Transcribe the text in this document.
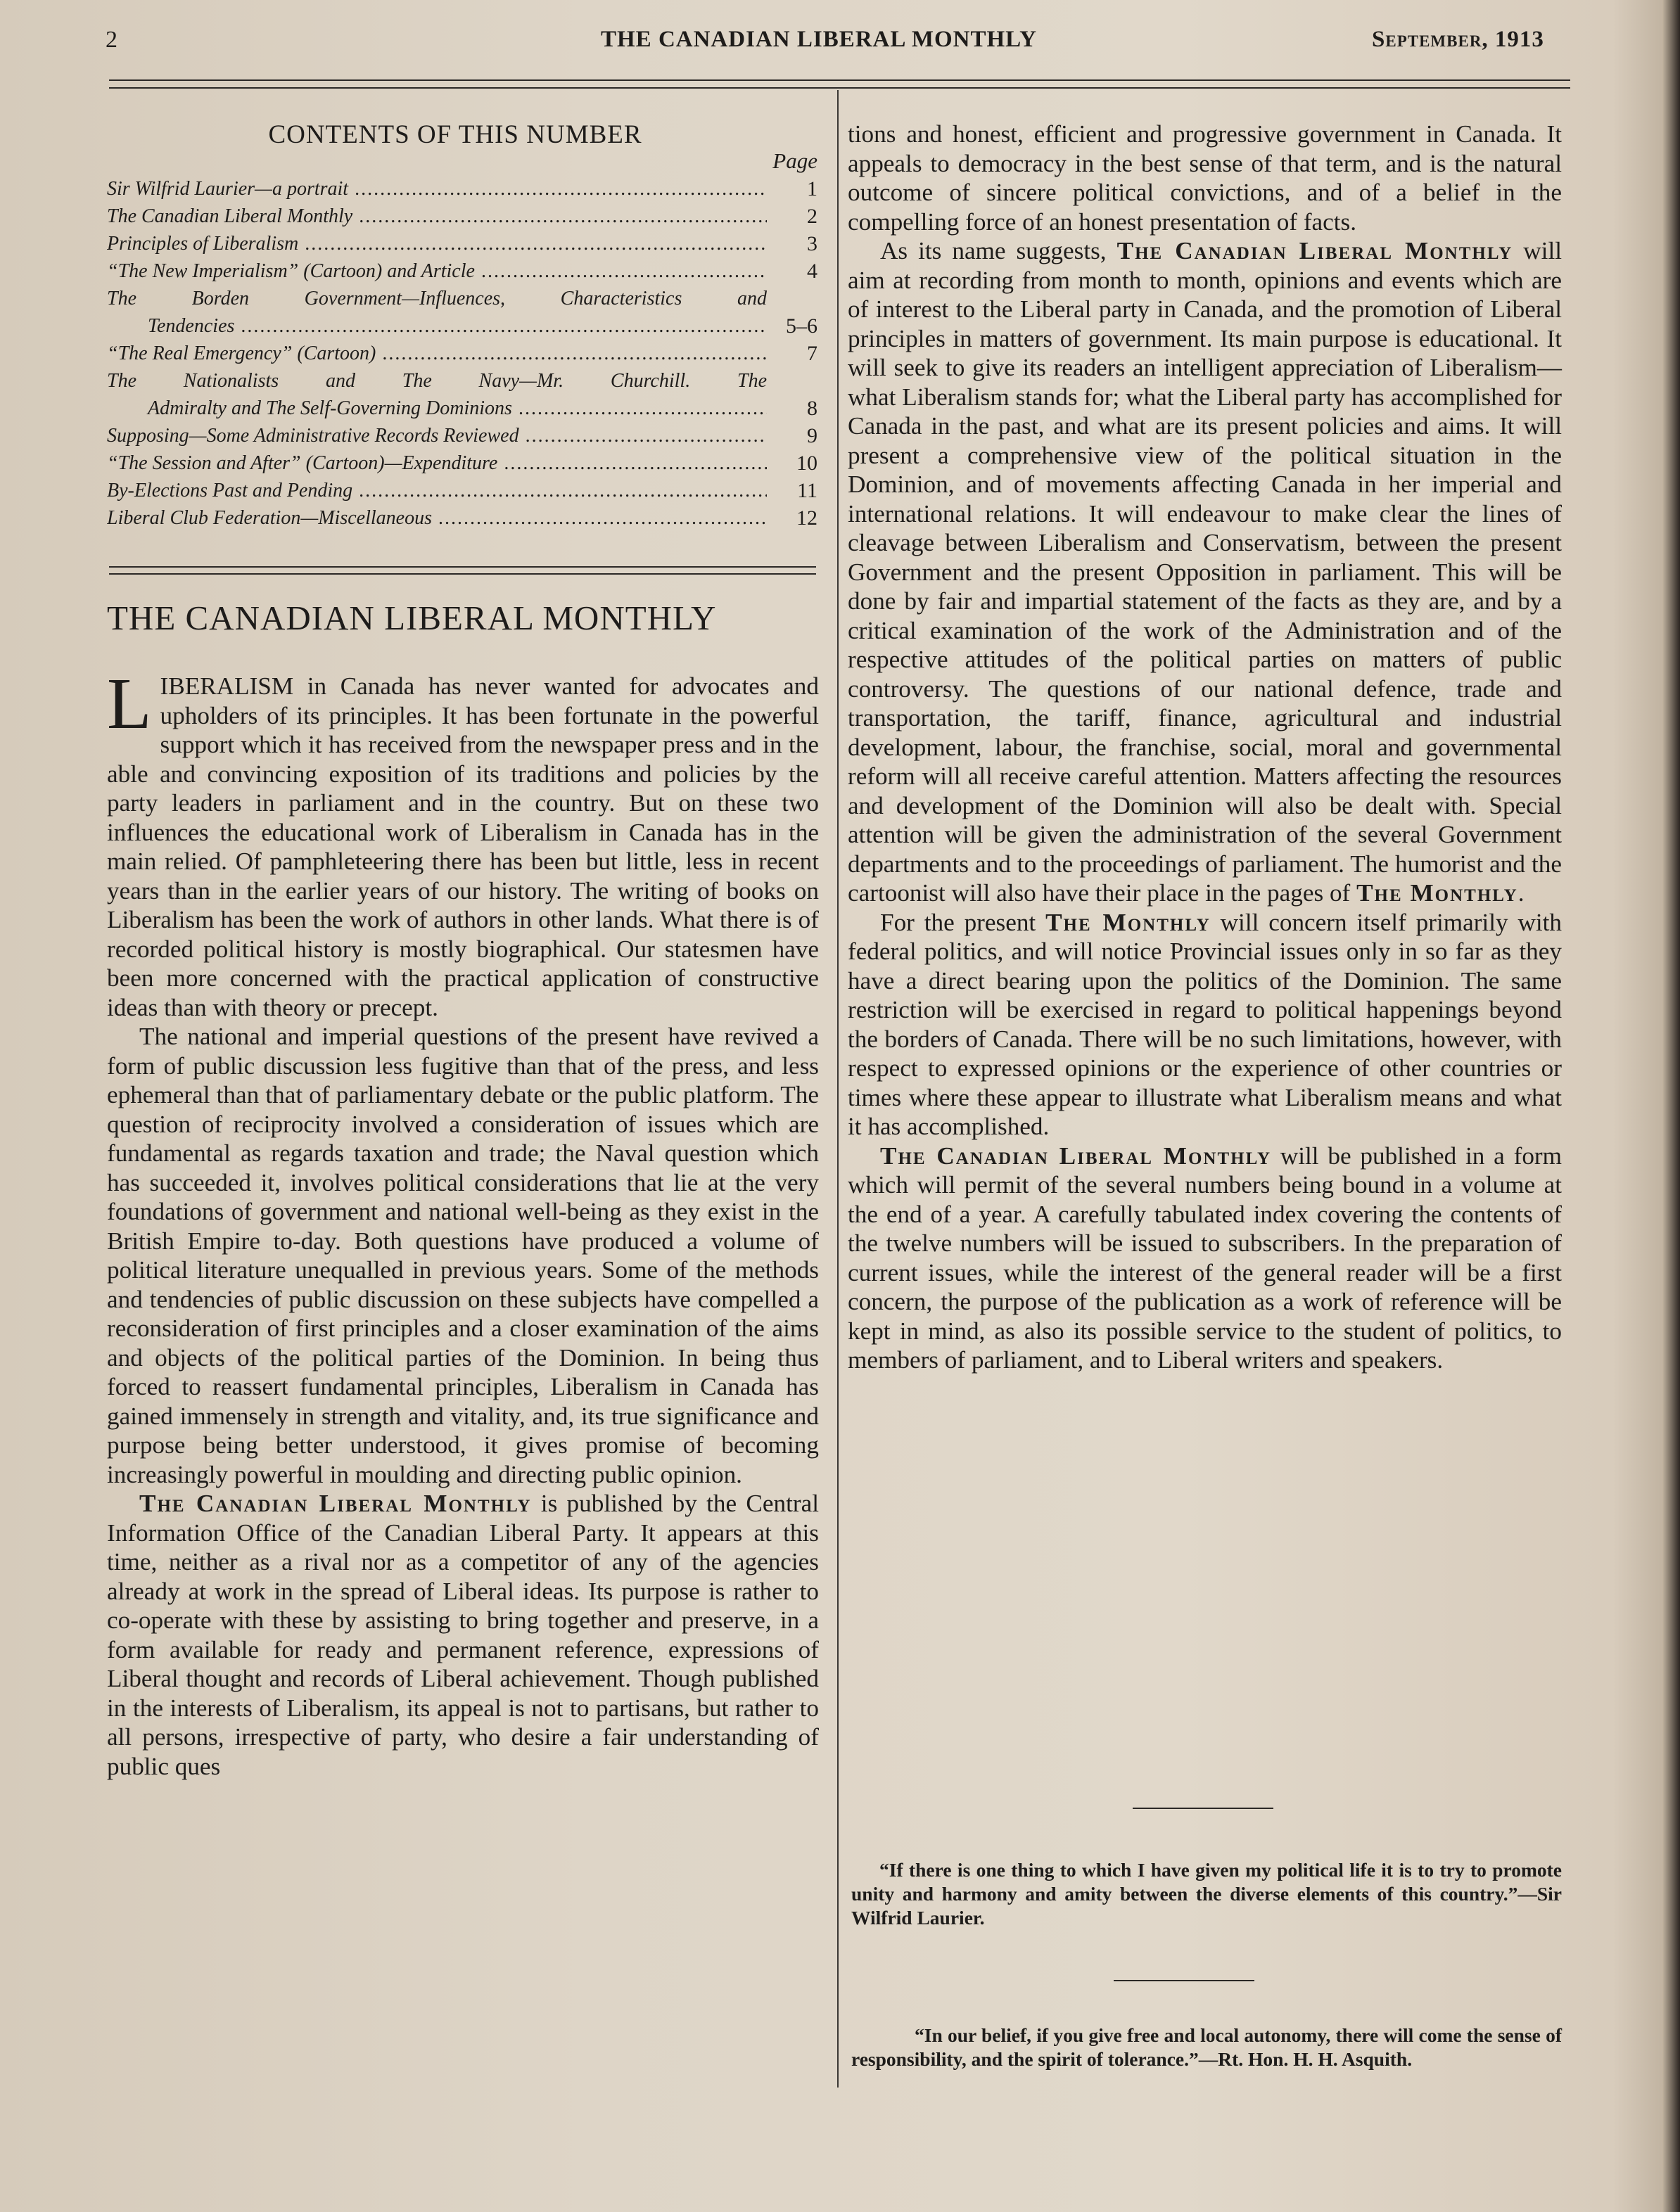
2	THE CANADIAN LIBERAL MONTHLY	September, 1913
CONTENTS OF THIS NUMBER
Page
Sir Wilfrid Laurier—a portrait .....	1
The Canadian Liberal Monthly .....	2
Principles of Liberalism .....	3
“The New Imperialism” (Cartoon) and Article .....	4
The Borden Government—Influences, Characteristics and
Tendencies .....	5–6
“The Real Emergency” (Cartoon) .....	7
The Nationalists and The Navy—Mr. Churchill. The
Admiralty and The Self-Governing Dominions .....	8
Supposing—Some Administrative Records Reviewed .....	9
“The Session and After” (Cartoon)—Expenditure .....	10
By-Elections Past and Pending .....	11
Liberal Club Federation—Miscellaneous .....	12
THE CANADIAN LIBERAL MONTHLY

LIBERALISM in Canada has never wanted for advocates and upholders of its principles. It has been fortunate in the powerful support which it has received from the newspaper press and in the able and convincing exposition of its traditions and policies by the party leaders in parliament and in the country. But on these two influences the educational work of Liberalism in Canada has in the main relied. Of pamphleteering there has been but little, less in recent years than in the earlier years of our history. The writing of books on Liberalism has been the work of authors in other lands. What there is of recorded political history is mostly biographical. Our statesmen have been more concerned with the practical application of constructive ideas than with theory or precept.

The national and imperial questions of the present have revived a form of public discussion less fugitive than that of the press, and less ephemeral than that of parliamentary debate or the public platform. The question of reciprocity involved a consideration of issues which are fundamental as regards taxation and trade; the Naval question which has succeeded it, involves political considerations that lie at the very foundations of government and national well-being as they exist in the British Empire to-day. Both questions have produced a volume of political literature unequalled in previous years. Some of the methods and tendencies of public discussion on these subjects have compelled a reconsideration of first principles and a closer examination of the aims and objects of the political parties of the Dominion. In being thus forced to reassert fundamental principles, Liberalism in Canada has gained immensely in strength and vitality, and, its true significance and purpose being better understood, it gives promise of becoming increasingly powerful in moulding and directing public opinion.

The Canadian Liberal Monthly is published by the Central Information Office of the Canadian Liberal Party. It appears at this time, neither as a rival nor as a competitor of any of the agencies already at work in the spread of Liberal ideas. Its purpose is rather to co-operate with these by assisting to bring together and preserve, in a form available for ready and permanent reference, expressions of Liberal thought and records of Liberal achievement. Though published in the interests of Liberalism, its appeal is not to partisans, but rather to all persons, irrespective of party, who desire a fair understanding of public ques

tions and honest, efficient and progressive government in Canada. It appeals to democracy in the best sense of that term, and is the natural outcome of sincere political convictions, and of a belief in the compelling force of an honest presentation of facts.

As its name suggests, The Canadian Liberal Monthly will aim at recording from month to month, opinions and events which are of interest to the Liberal party in Canada, and the promotion of Liberal principles in matters of government. Its main purpose is educational. It will seek to give its readers an intelligent appreciation of Liberalism—what Liberalism stands for; what the Liberal party has accomplished for Canada in the past, and what are its present policies and aims. It will present a comprehensive view of the political situation in the Dominion, and of movements affecting Canada in her imperial and international relations. It will endeavour to make clear the lines of cleavage between Liberalism and Conservatism, between the present Government and the present Opposition in parliament. This will be done by fair and impartial statement of the facts as they are, and by a critical examination of the work of the Administration and of the respective attitudes of the political parties on matters of public controversy. The questions of our national defence, trade and transportation, the tariff, finance, agricultural and industrial development, labour, the franchise, social, moral and governmental reform will all receive careful attention. Matters affecting the resources and development of the Dominion will also be dealt with. Special attention will be given the administration of the several Government departments and to the proceedings of parliament. The humorist and the cartoonist will also have their place in the pages of The Monthly.

For the present The Monthly will concern itself primarily with federal politics, and will notice Provincial issues only in so far as they have a direct bearing upon the politics of the Dominion. The same restriction will be exercised in regard to political happenings beyond the borders of Canada. There will be no such limitations, however, with respect to expressed opinions or the experience of other countries or times where these appear to illustrate what Liberalism means and what it has accomplished.

The Canadian Liberal Monthly will be published in a form which will permit of the several numbers being bound in a volume at the end of a year. A carefully tabulated index covering the contents of the twelve numbers will be issued to subscribers. In the preparation of current issues, while the interest of the general reader will be a first concern, the purpose of the publication as a work of reference will be kept in mind, as also its possible service to the student of politics, to members of parliament, and to Liberal writers and speakers.

“If there is one thing to which I have given my political life it is to try to promote unity and harmony and amity between the diverse elements of this country.”—Sir Wilfrid Laurier.
“In our belief, if you give free and local autonomy, there will come the sense of responsibility, and the spirit of tolerance.”—Rt. Hon. H. H. Asquith.
